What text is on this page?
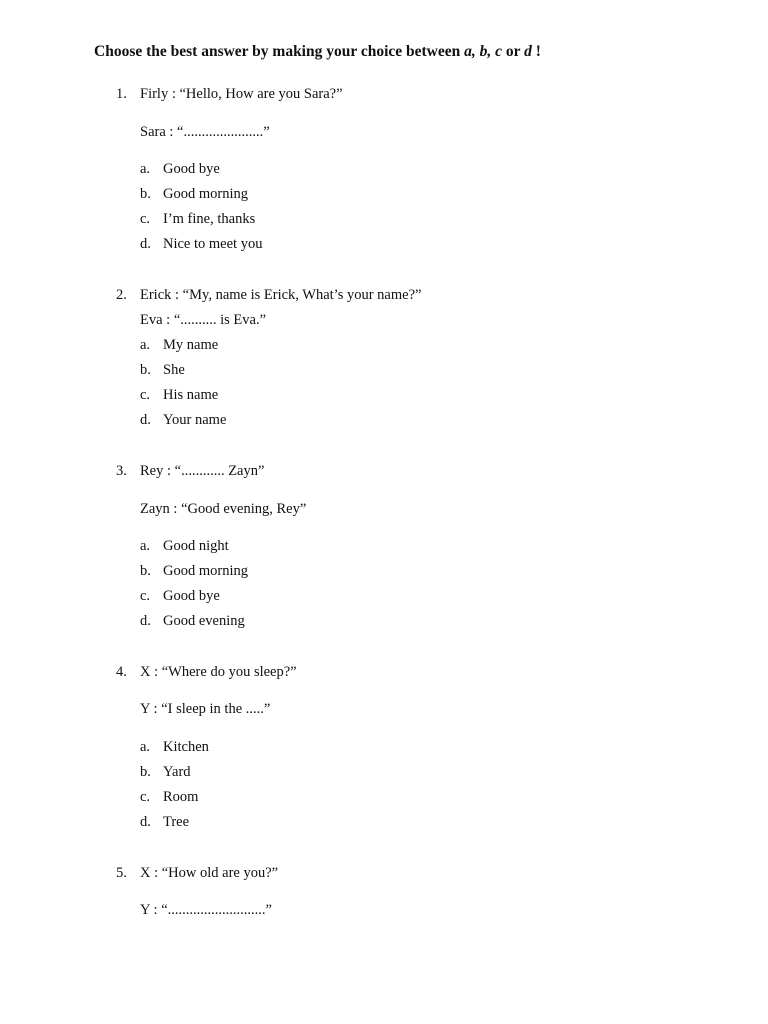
Choose the best answer by making your choice between a, b, c or d !
1. Firly : “Hello, How are you Sara?”
Sara : “......................”
a. Good bye
b. Good morning
c. I’m fine, thanks
d. Nice to meet you
2. Erick : “My, name is Erick, What’s your name?”
Eva : “.......... is Eva.”
a. My name
b. She
c. His name
d. Your name
3. Rey : “............ Zayn”
Zayn : “Good evening, Rey”
a. Good night
b. Good morning
c. Good bye
d. Good evening
4. X : “Where do you sleep?”
Y : “I sleep in the .....”
a. Kitchen
b. Yard
c. Room
d. Tree
5. X : “How old are you?”
Y : “...........................”
